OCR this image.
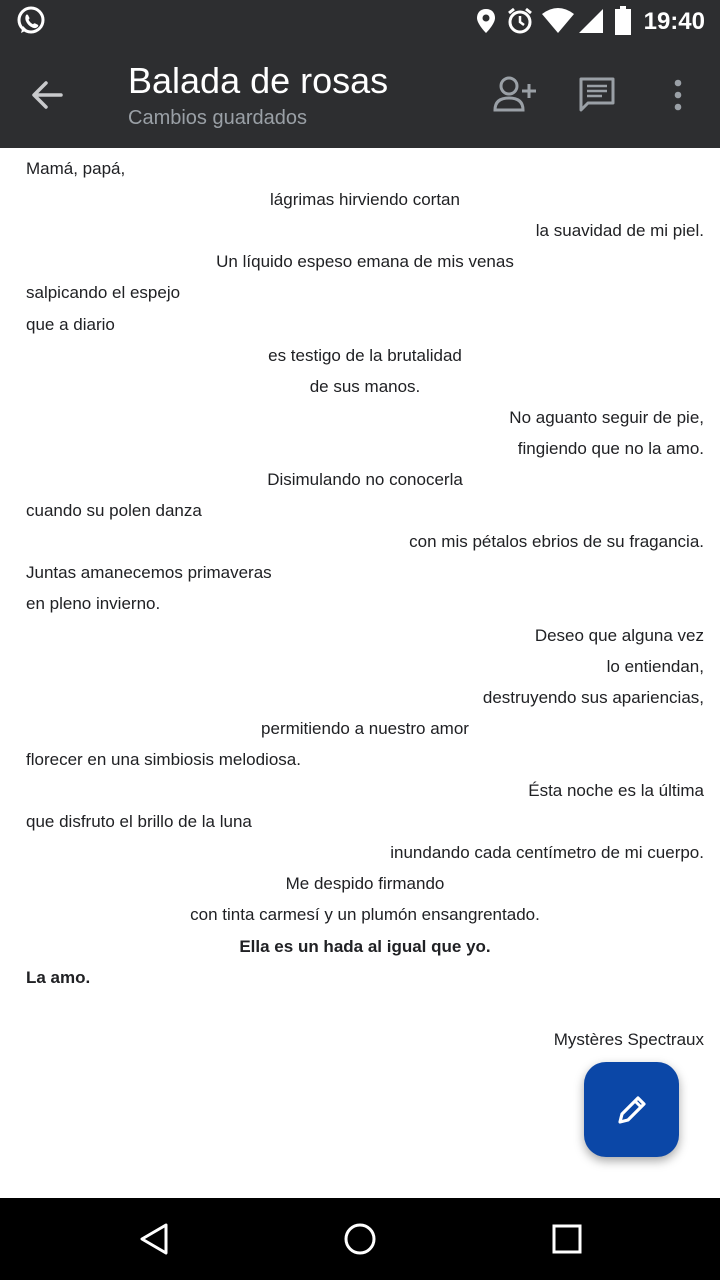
19:40
Balada de rosas
Cambios guardados
Mamá, papá,
lágrimas hirviendo cortan
la suavidad de mi piel.
Un líquido espeso emana de mis venas
salpicando el espejo
que a diario
es testigo de la brutalidad
de sus manos.
No aguanto seguir de pie,
fingiendo que no la amo.
Disimulando no conocerla
cuando su polen danza
con mis pétalos ebrios de su fragancia.
Juntas amanecemos primaveras
en pleno invierno.
Deseo que alguna vez
lo entiendan,
destruyendo sus apariencias,
permitiendo a nuestro amor
florecer en una simbiosis melodiosa.
Ésta noche es la última
que disfruto el brillo de la luna
inundando cada centímetro de mi cuerpo.
Me despido firmando
con tinta carmesí y un plumón ensangrentado.
Ella es un hada al igual que yo.
La amo.
Mystères Spectraux
